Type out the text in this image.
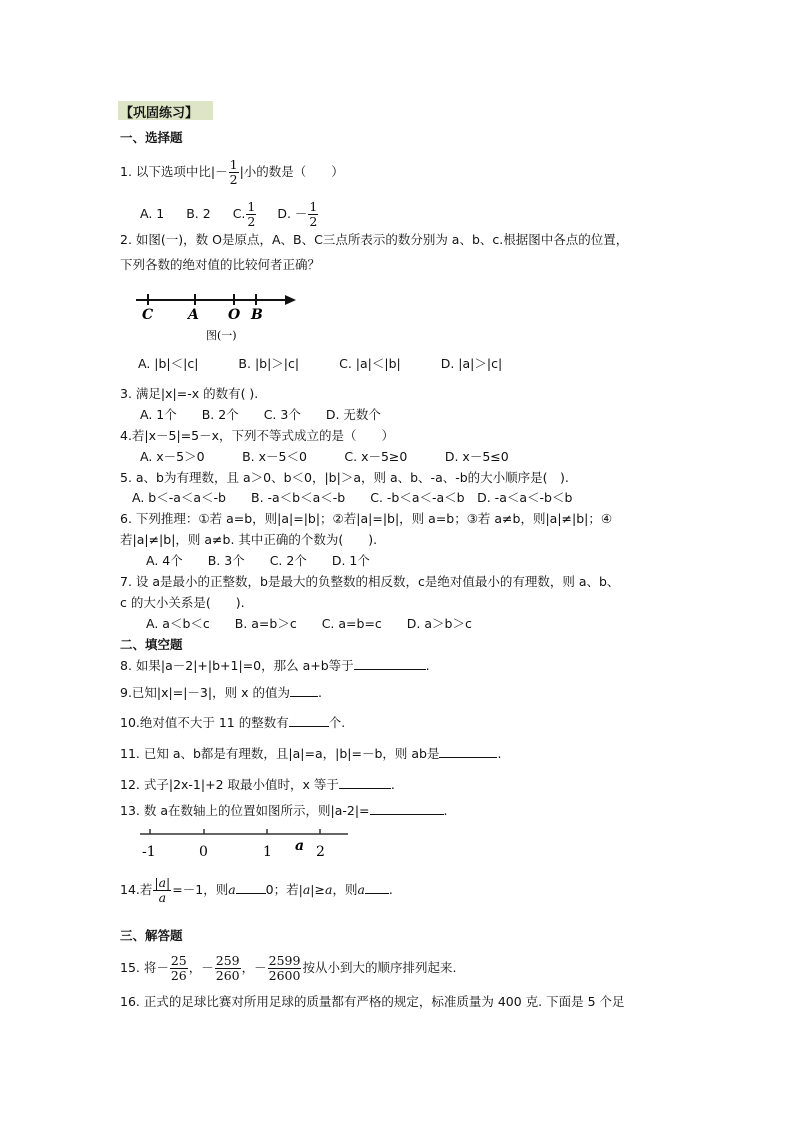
【巩固练习】
一、选择题
1. 以下选项中比|－ $\frac{1}{2}$ |小的数是（　　）
A. 1 B. 2 C. $\frac{1}{2} D$. － $\frac{1}{2}$
2. 如图(一)，数 O是原点，A、B、C三点所表示的数分别为 a、b、c.根据图中各点的位置，
下列各数的绝对值的比较何者正确？
C A O B
图(一)
A. |b|＜|c|	B. |b|＞|c|	C. |a|＜|b|	D. |a|＞|c|
3. 满足|x|=-x 的数有( ).
A. 1个　　B. 2个　　C. 3个　　D. 无数个
4.若|x－5|=5－x，下列不等式成立的是（　　）
A. x－5＞0　　　B. x－5＜0　　　C. x－5≥0　　　D. x－5≤0
5. a、b为有理数，且 a＞0、b＜0，|b|＞a，则 a、b、-a、-b的大小顺序是(　).
A. b＜-a＜a＜-b　　B. -a＜b＜a＜-b　　C. -b＜a＜-a＜b　D. -a＜a＜-b＜b
6. 下列推理：①若 a=b，则|a|=|b|；②若|a|=|b|，则 a=b；③若 a≠b，则|a|≠|b|；④
若|a|≠|b|，则 a≠b. 其中正确的个数为(　　).
A. 4个　　B. 3个　　C. 2个　　D. 1个
7. 设 a是最小的正整数，b是最大的负整数的相反数，c是绝对值最小的有理数，则 a、b、
c 的大小关系是(　　).
A. a＜b＜c　　B. a=b＞c　　C. a=b=c　　D. a＞b＞c
二、填空题
8. 如果|a－2|+|b+1|=0，那么 a+b等于	.
9.已知|x|=|－3|，则 x 的值为 .
10.绝对值不大于 11 的整数有	个.
11. 已知 a、b都是有理数，且|a|=a，|b|=－b，则 ab是	.
12. 式子|2x-1|+2 取最小值时，x 等于	.
13. 数 a在数轴上的位置如图所示，则|a-2|=	.
-1	0	1 a 2
14.若 $\frac{|a|}{a} =-1$，则a 0；若|a|≥a，则a .
三、解答题
15. 将－ $\frac{25}{26}$ ，－ $\frac{259}{260}$ ，－ $\frac{2599}{2600}$ 按从小到大的顺序排列起来.
16. 正式的足球比赛对所用足球的质量都有严格的规定，标准质量为 400 克. 下面是 5 个足
